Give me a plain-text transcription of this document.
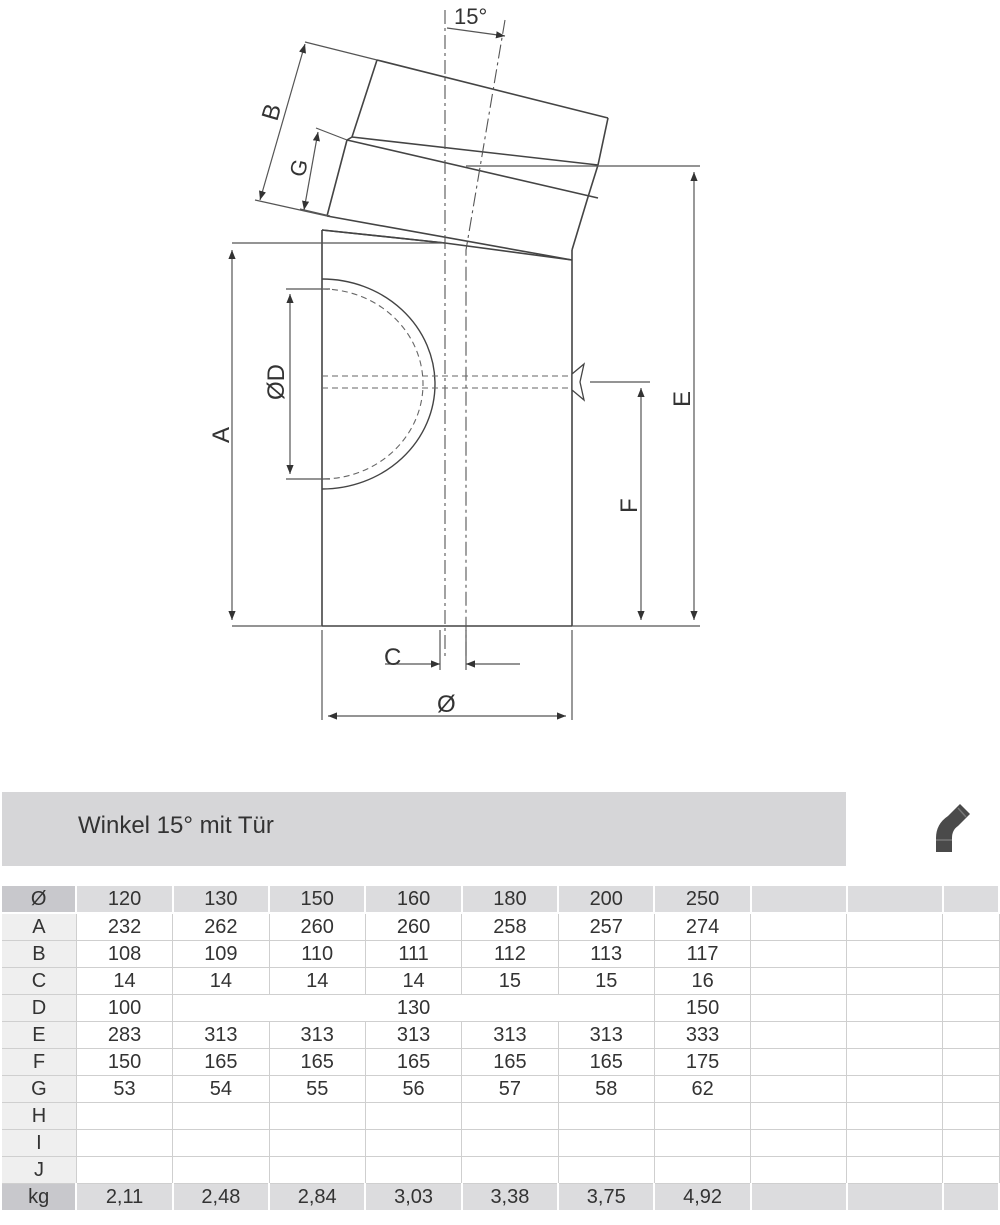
15°
B
G
A
ØD	E
F
C
Ø
Winkel 15° mit Tür
Ø	120	130	150	160	180	200	250			
A	232	262	260	260	258	257	274			
B	108	109	110	111	112	113	117			
C	14	14	14	14	15	15	16			
D	100	130					150			
E	283	313	313	313	313	313	333			
F	150	165	165	165	165	165	175			
G	53	54	55	56	57	58	62			
H										
I										
J										
kg	2,11	2,48	2,84	3,03	3,38	3,75	4,92			
